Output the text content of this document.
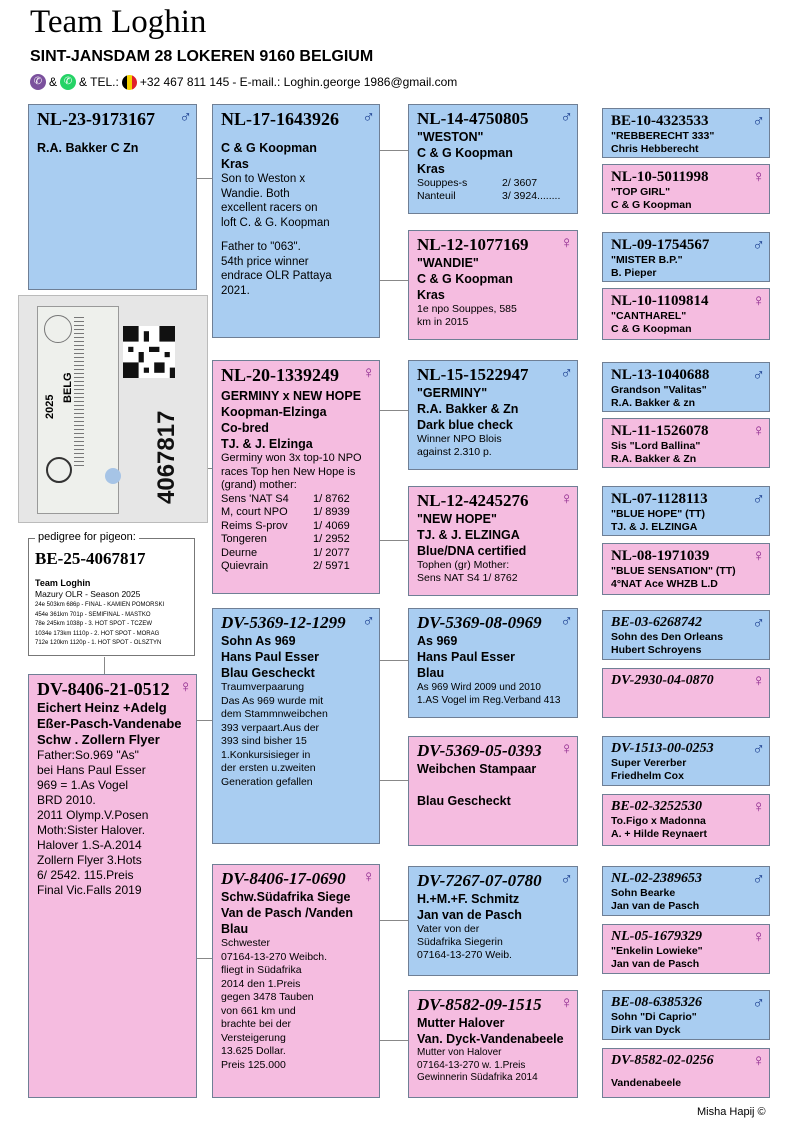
Team Loghin
SINT-JANSDAM 28 LOKEREN 9160 BELGIUM
✆ & ✆ & TEL.: +32 467 811 145 - E-mail.: Loghin.george 1986@gmail.com
2025
BELG
4067817
pedigree for pigeon:
BE-25-4067817
Team Loghin
Mazury OLR - Season 2025
24e 503km 686p - FINAL - KAMIEN POMORSKI
454e 361km 701p - SEMIFINAL - MASTKO
78e 245km 1038p - 3. HOT SPOT - TCZEW
1034e 173km 1110p - 2. HOT SPOT - MORAG
712e 120km 1120p - 1. HOT SPOT - OLSZTYN
♂
NL-23-9173167
R.A. Bakker C Zn
♀
DV-8406-21-0512
Eichert Heinz +Adelg
Eßer-Pasch-Vandenabe
Schw . Zollern Flyer
Father:So.969 "As"
bei Hans Paul Esser
969 = 1.As Vogel
BRD 2010.
2011 Olymp.V.Posen
Moth:Sister Halover.
Halover 1.S-A.2014
Zollern Flyer 3.Hots
6/ 2542. 115.Preis
Final Vic.Falls 2019
♂
NL-17-1643926
C & G Koopman
Kras
Son to Weston x
Wandie. Both
excellent racers on
loft C. & G. Koopman
Father to "063".
54th price winner
endrace OLR Pattaya
2021.
♀
NL-20-1339249
GERMINY x NEW HOPE
Koopman-Elzinga
Co-bred
TJ. & J. Elzinga
Germiny won 3x top-10 NPO
races Top hen New Hope is
(grand) mother:
Sens 'NAT S4	1/ 8762
M, court NPO	1/ 8939
Reims S-prov	1/ 4069
Tongeren	1/ 2952
Deurne	1/ 2077
Quievrain	2/ 5971
♂
DV-5369-12-1299
Sohn As 969
Hans Paul Esser
Blau Gescheckt
Traumverpaarung
Das As 969 wurde mit
dem Stammnweibchen
393 verpaart.Aus der
393 sind bisher 15
1.Konkursisieger in
der ersten u.zweiten
Generation gefallen
♀
DV-8406-17-0690
Schw.Südafrika Siege
Van de Pasch /Vanden
Blau
Schwester
07164-13-270 Weibch.
fliegt in Südafrika
2014 den 1.Preis
gegen 3478 Tauben
von 661 km und
brachte bei der
Versteigerung
13.625 Dollar.
Preis 125.000
♂
NL-14-4750805
"WESTON"
C & G Koopman
Kras
Souppes-s	2/ 3607
Nanteuil	3/ 3924........
♀
NL-12-1077169
"WANDIE"
C & G Koopman
Kras
1e npo Souppes, 585
km in 2015
♂
NL-15-1522947
"GERMINY"
R.A. Bakker & Zn
Dark blue check
Winner NPO Blois
against 2.310 p.
♀
NL-12-4245276
"NEW HOPE"
TJ. & J. ELZINGA
Blue/DNA certified
Tophen (gr) Mother:
Sens NAT S4 1/ 8762
♂
DV-5369-08-0969
As 969
Hans Paul Esser
Blau
As 969 Wird 2009 und 2010
1.AS Vogel im Reg.Verband 413
♀
DV-5369-05-0393
Weibchen Stampaar
Blau Gescheckt
♂
DV-7267-07-0780
H.+M.+F. Schmitz
Jan van de Pasch
Vater von der
Südafrika Siegerin
07164-13-270 Weib.
♀
DV-8582-09-1515
Mutter Halover
Van. Dyck-Vandenabeele
Mutter von Halover
07164-13-270 w. 1.Preis
Gewinnerin Südafrika 2014
♂
BE-10-4323533
"REBBERECHT 333"
Chris Hebberecht
♀
NL-10-5011998
"TOP GIRL"
C & G Koopman
♂
NL-09-1754567
"MISTER B.P."
B. Pieper
♀
NL-10-1109814
"CANTHAREL"
C & G Koopman
♂
NL-13-1040688
Grandson "Valitas"
R.A. Bakker & zn
♀
NL-11-1526078
Sis "Lord Ballina"
R.A. Bakker & Zn
♂
NL-07-1128113
"BLUE HOPE" (TT)
TJ. & J. ELZINGA
♀
NL-08-1971039
"BLUE SENSATION" (TT)
4°NAT Ace WHZB L.D
♂
BE-03-6268742
Sohn des Den Orleans
Hubert Schroyens
♀
DV-2930-04-0870
♂
DV-1513-00-0253
Super Vererber
Friedhelm Cox
♀
BE-02-3252530
To.Figo x Madonna
A. + Hilde Reynaert
♂
NL-02-2389653
Sohn Bearke
Jan van de Pasch
♀
NL-05-1679329
"Enkelin Lowieke"
Jan van de Pasch
♂
BE-08-6385326
Sohn "Di Caprio"
Dirk van Dyck
♀
DV-8582-02-0256
Vandenabeele
Misha Hapij ©
